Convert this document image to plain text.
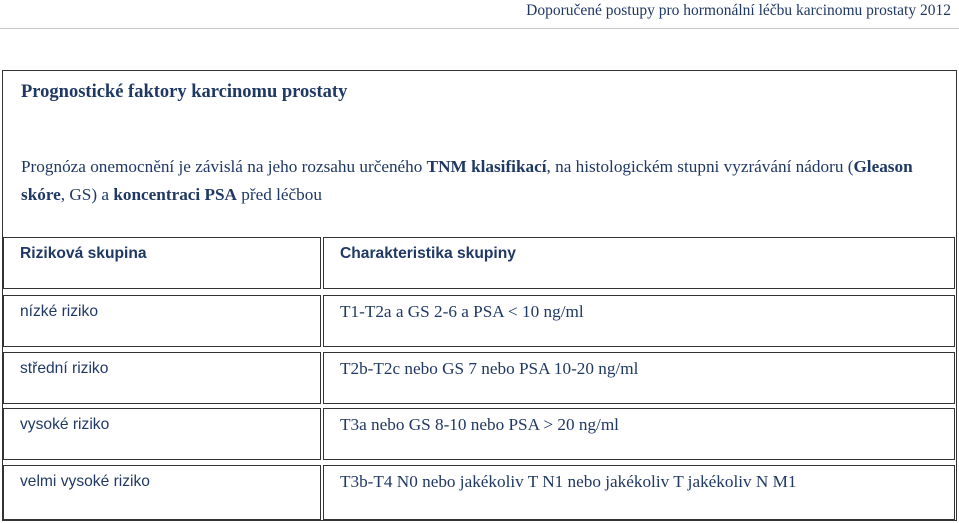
Doporučené postupy pro hormonální léčbu karcinomu prostaty 2012
Prognostické faktory karcinomu prostaty
Prognóza onemocnění je závislá na jeho rozsahu určeného TNM klasifikací, na histologickém stupni vyzrávání nádoru (Gleason skóre, GS) a koncentraci PSA před léčbou
Riziková skupina	Charakteristika skupiny
nízké riziko	T1-T2a a GS 2-6 a PSA < 10 ng/ml
střední riziko	T2b-T2c nebo GS 7 nebo PSA 10-20 ng/ml
vysoké riziko	T3a nebo GS 8-10 nebo PSA > 20 ng/ml
velmi vysoké riziko	T3b-T4 N0 nebo jakékoliv T N1 nebo jakékoliv T jakékoliv N M1
